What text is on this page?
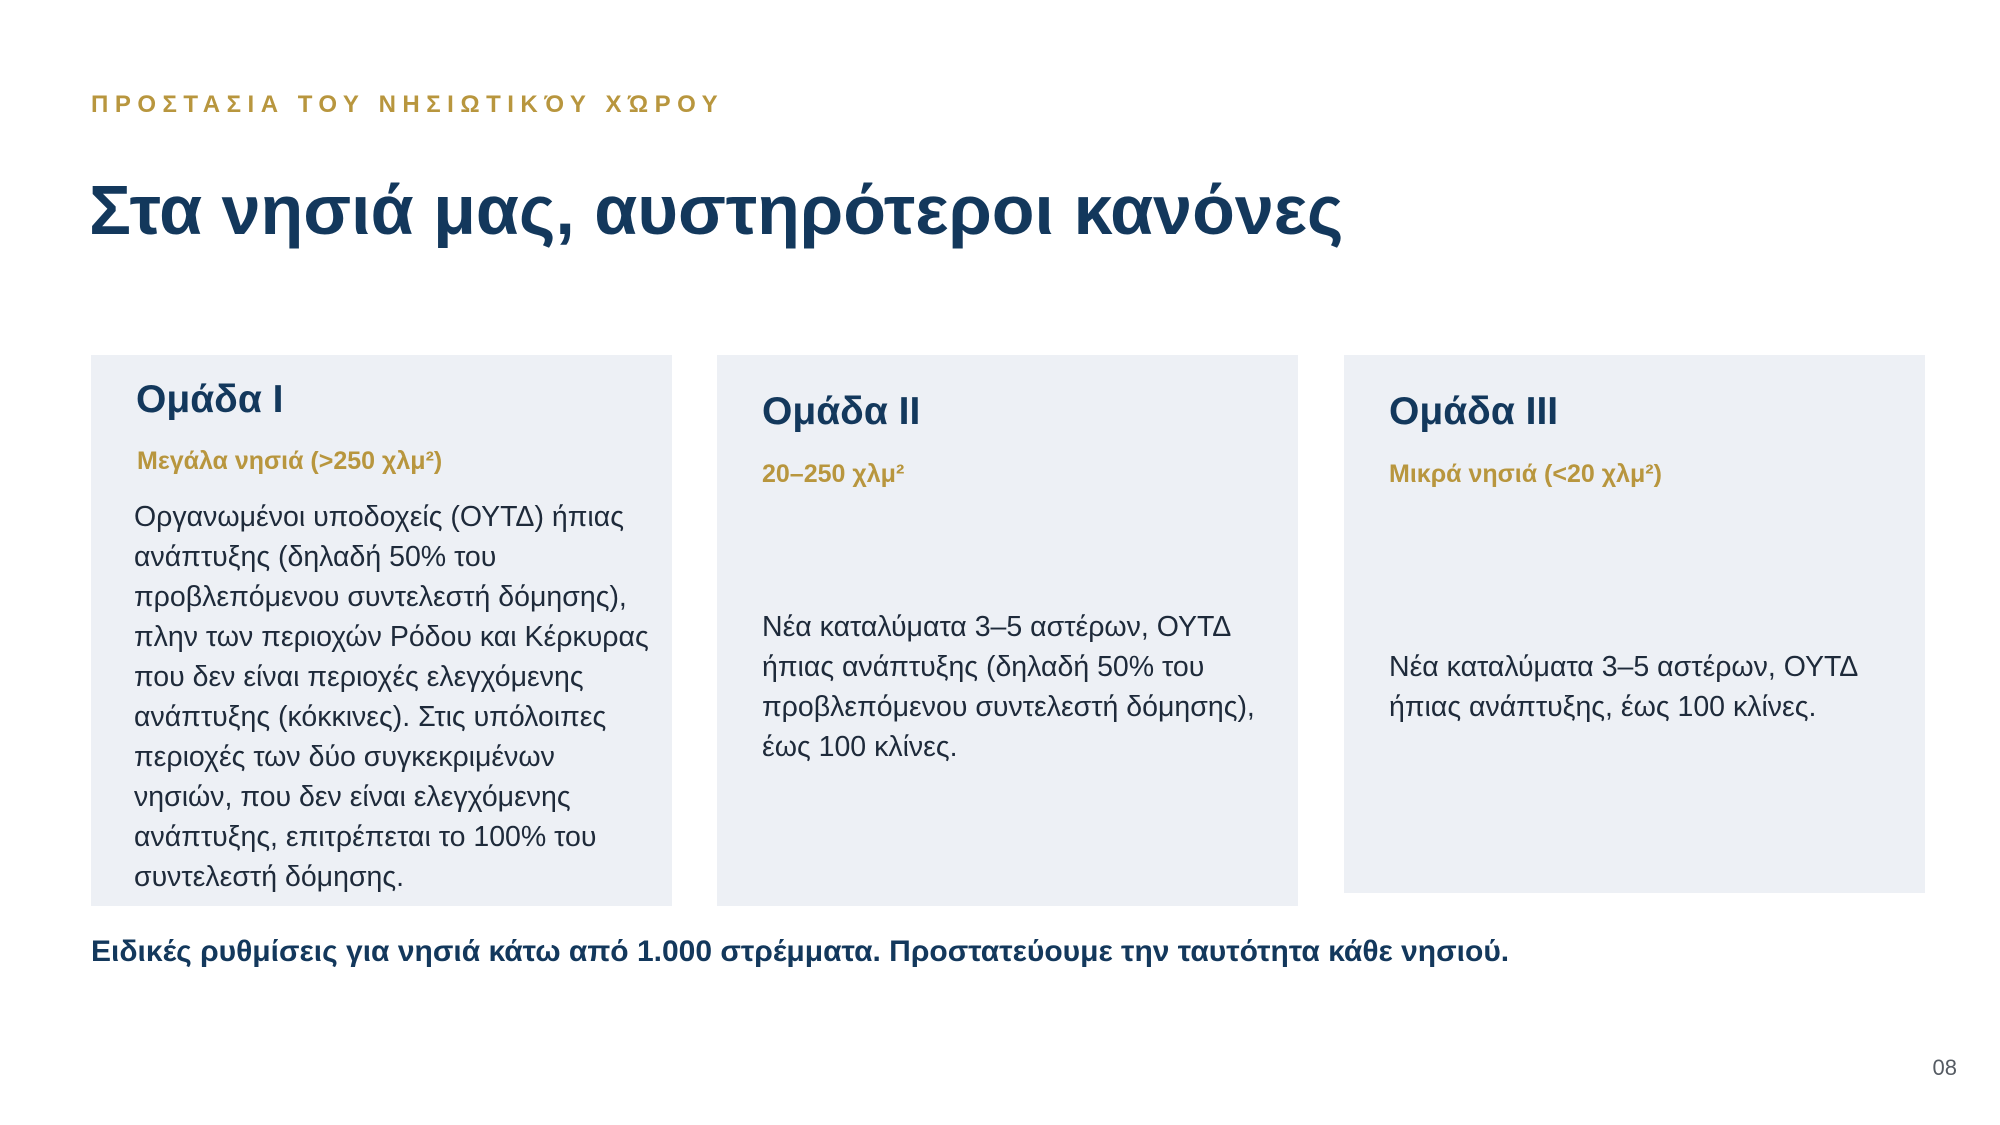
ΠΡΟΣΤΑΣΙΑ ΤΟΥ ΝΗΣΙΩΤΙΚΌΥ ΧΏΡΟΥ
Στα νησιά μας, αυστηρότεροι κανόνες
Ομάδα I
Μεγάλα νησιά (>250 χλμ²)
Οργανωμένοι υποδοχείς (ΟΥΤΔ) ήπιας ανάπτυξης (δηλαδή 50% του προβλεπόμενου συντελεστή δόμησης), πλην των περιοχών Ρόδου και Κέρκυρας που δεν είναι περιοχές ελεγχόμενης ανάπτυξης (κόκκινες). Στις υπόλοιπες περιοχές των δύο συγκεκριμένων νησιών, που δεν είναι ελεγχόμενης ανάπτυξης, επιτρέπεται το 100% του συντελεστή δόμησης.
Ομάδα II
20–250 χλμ²
Νέα καταλύματα 3–5 αστέρων, ΟΥΤΔ ήπιας ανάπτυξης (δηλαδή 50% του προβλεπόμενου συντελεστή δόμησης), έως 100 κλίνες.
Ομάδα III
Μικρά νησιά (<20 χλμ²)
Νέα καταλύματα 3–5 αστέρων, ΟΥΤΔ ήπιας ανάπτυξης, έως 100 κλίνες.
Ειδικές ρυθμίσεις για νησιά κάτω από 1.000 στρέμματα. Προστατεύουμε την ταυτότητα κάθε νησιού.
08
